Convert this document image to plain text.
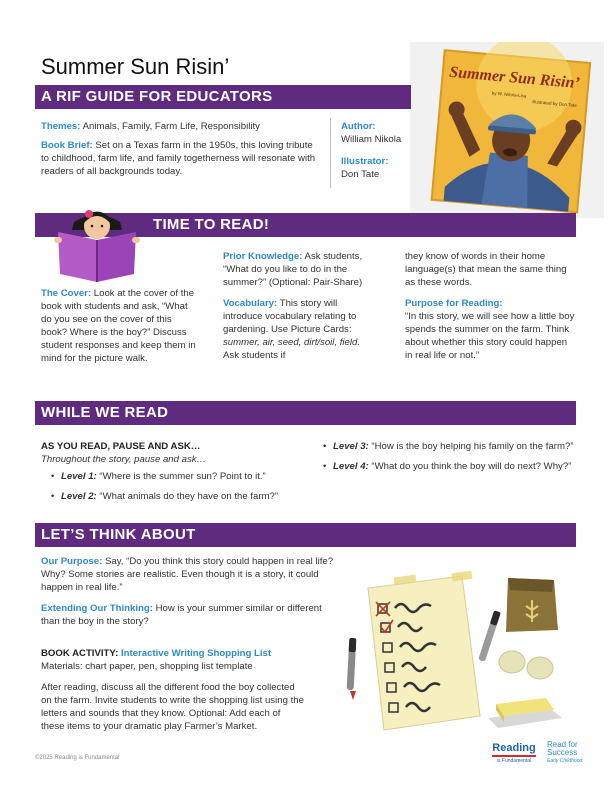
Summer Sun Risin’	Summer Sun Risin’
by W. Nikola-Lisa
illustrated by Don Tate
A RIF GUIDE FOR EDUCATORS

Themes: Animals, Family, Farm Life, Responsibility

Book Brief: Set on a Texas farm in the 1950s, this loving tribute to childhood, farm life, and family togetherness will resonate with readers of all backgrounds today.

Author:

William Nikola

Illustrator:

Don Tate

TIME TO READ!

The Cover: Look at the cover of the book with students and ask, “What do you see on the cover of this book? Where is the boy?” Discuss student responses and keep them in mind for the picture walk.

Prior Knowledge: Ask students, “What do you like to do in the summer?” (Optional: Pair-Share)

Vocabulary: This story will introduce vocabulary relating to gardening. Use Picture Cards: summer, air, seed, dirt/soil, field. Ask students if

they know of words in their home language(s) that mean the same thing as these words.

Purpose for Reading:

“In this story, we will see how a little boy spends the summer on the farm. Think about whether this story could happen in real life or not.”

WHILE WE READ

AS YOU READ, PAUSE AND ASK…

Throughout the story, pause and ask…

• Level 1: “Where is the summer sun? Point to it.”
• Level 2: “What animals do they have on the farm?”
• Level 3: “How is the boy helping his family on the farm?”
• Level 4: “What do you think the boy will do next? Why?”
LET’S THINK ABOUT

Our Purpose: Say, “Do you think this story could happen in real life? Why? Some stories are realistic. Even though it is a story, it could happen in real life.”

Extending Our Thinking: How is your summer similar or different than the boy in the story?

BOOK ACTIVITY: Interactive Writing Shopping List

Materials: chart paper, pen, shopping list template

After reading, discuss all the different food the boy collected on the farm. Invite students to write the shopping list using the letters and sounds that they know. Optional: Add each of these items to your dramatic play Farmer’s Market.

©2025 Reading is Fundamental
Reading
is Fundamental
Read for
Success
Early Childhood
